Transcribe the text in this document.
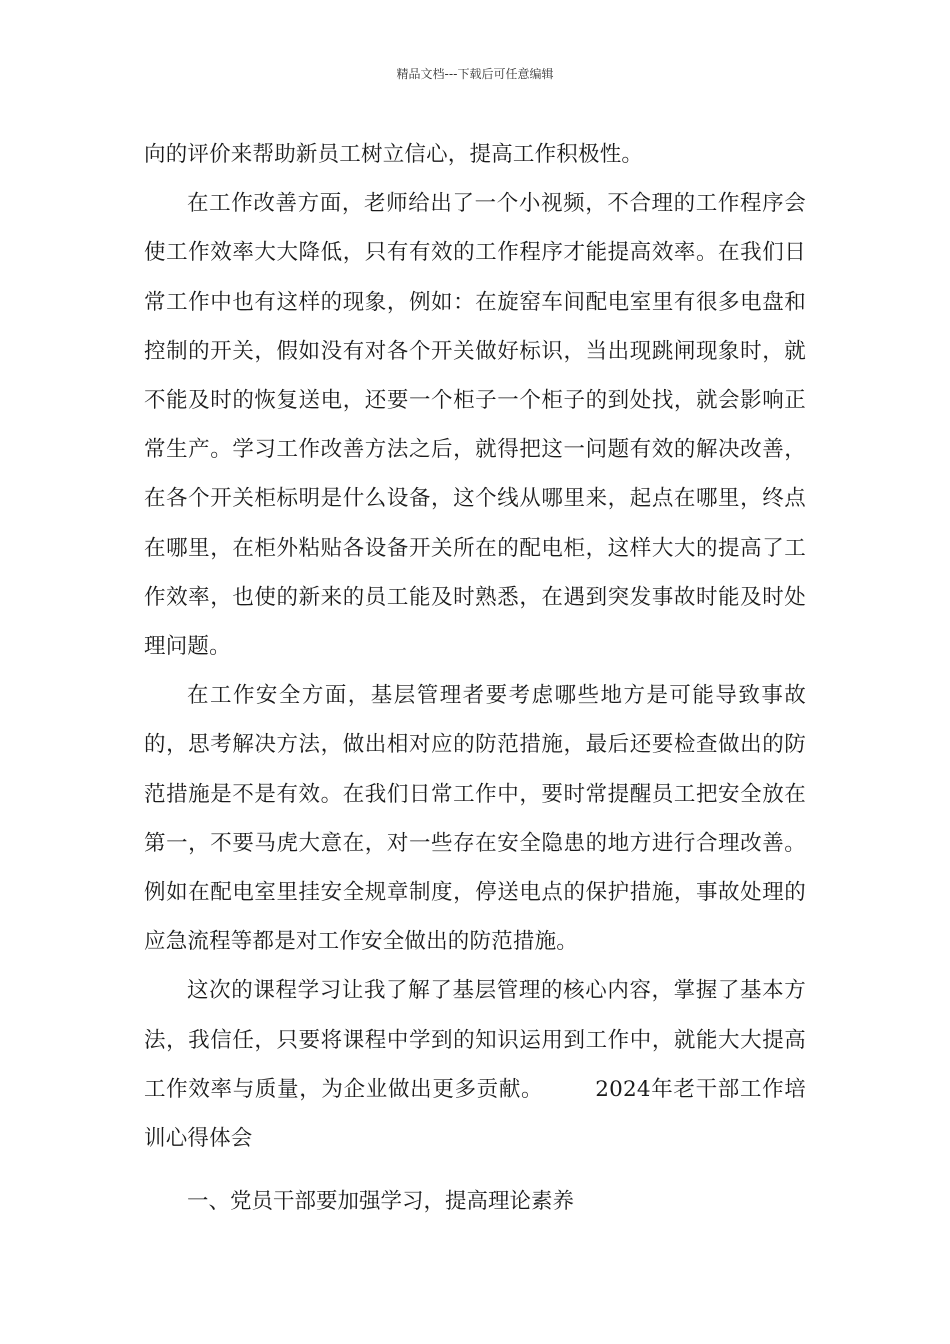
精品文档---下载后可任意编辑

向的评价来帮助新员工树立信心，提高工作积极性。

在工作改善方面，老师给出了一个小视频，不合理的工作程序会使工作效率大大降低，只有有效的工作程序才能提高效率。在我们日常工作中也有这样的现象，例如：在旋窑车间配电室里有很多电盘和控制的开关，假如没有对各个开关做好标识，当出现跳闸现象时，就不能及时的恢复送电，还要一个柜子一个柜子的到处找，就会影响正常生产。学习工作改善方法之后，就得把这一问题有效的解决改善，在各个开关柜标明是什么设备，这个线从哪里来，起点在哪里，终点在哪里，在柜外粘贴各设备开关所在的配电柜，这样大大的提高了工作效率，也使的新来的员工能及时熟悉，在遇到突发事故时能及时处理问题。

在工作安全方面，基层管理者要考虑哪些地方是可能导致事故的，思考解决方法，做出相对应的防范措施，最后还要检查做出的防范措施是不是有效。在我们日常工作中，要时常提醒员工把安全放在第一，不要马虎大意在，对一些存在安全隐患的地方进行合理改善。例如在配电室里挂安全规章制度，停送电点的保护措施，事故处理的应急流程等都是对工作安全做出的防范措施。

这次的课程学习让我了解了基层管理的核心内容，掌握了基本方法，我信任，只要将课程中学到的知识运用到工作中，就能大大提高工作效率与质量，为企业做出更多贡献。 2024年老干部工作培训心得体会

一、党员干部要加强学习，提高理论素养
